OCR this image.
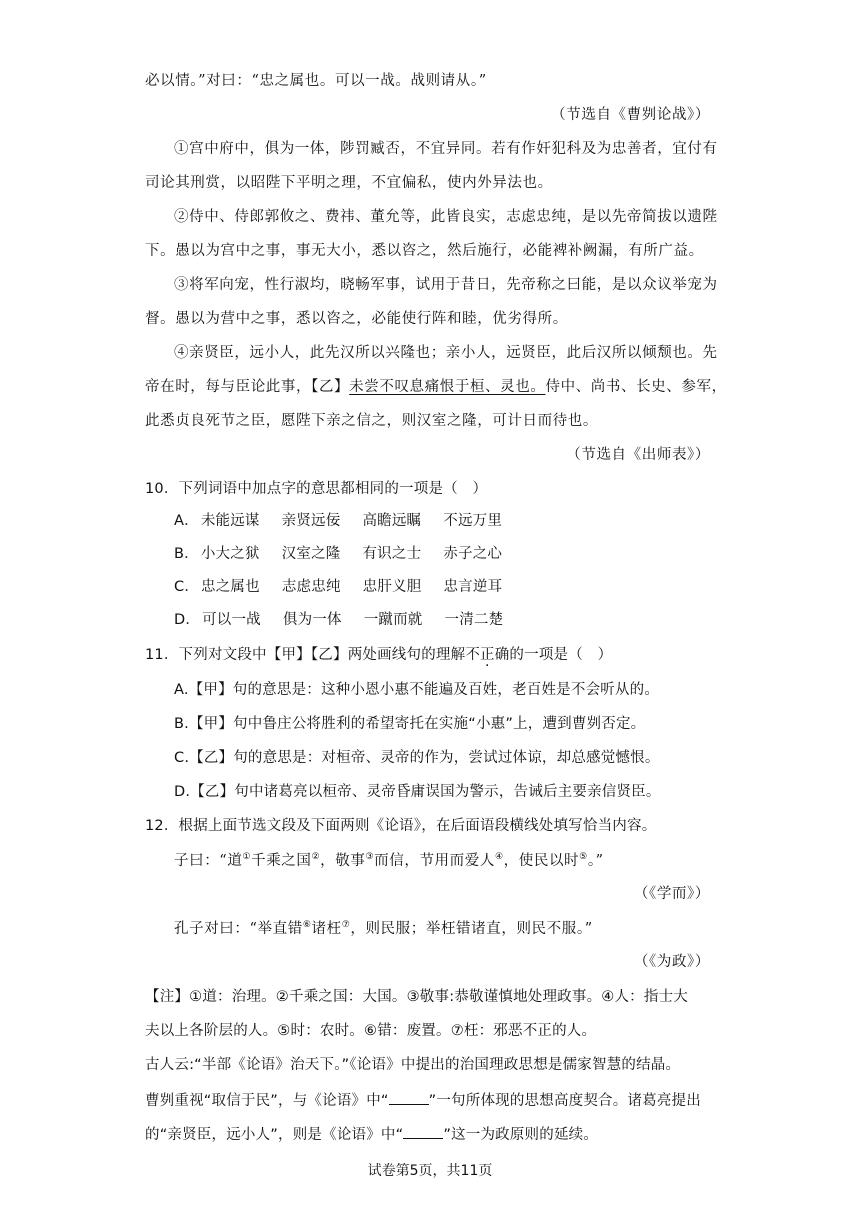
必以情。”对曰：“忠之属也。可以一战。战则请从。”
（节选自《曹刿论战》）
①宫中府中，俱为一体，陟罚臧否，不宜异同。若有作奸犯科及为忠善者，宜付有
司论其刑赏，以昭陛下平明之理，不宜偏私，使内外异法也。
②侍中、侍郎郭攸之、费祎、董允等，此皆良实，志虑忠纯，是以先帝简拔以遗陛
下。愚以为宫中之事，事无大小，悉以咨之，然后施行，必能裨补阙漏，有所广益。
③将军向宠，性行淑均，晓畅军事，试用于昔日，先帝称之曰能，是以众议举宠为
督。愚以为营中之事，悉以咨之，必能使行阵和睦，优劣得所。
④亲贤臣，远小人，此先汉所以兴隆也；亲小人，远贤臣，此后汉所以倾颓也。先
帝在时，每与臣论此事，【乙】未尝不叹息痛恨于桓、灵也。侍中、尚书、长史、参军，
此悉贞良死节之臣，愿陛下亲之信之，则汉室之隆，可计日而待也。
（节选自《出师表》）
10．下列词语中加点字的意思都相同的一项是（　）
A． 未能远谋 亲贤远佞 高瞻远瞩 不远万里
B． 小大之狱 汉室之隆 有识之士 赤子之心
C． 忠之属也 志虑忠纯 忠肝义胆 忠言逆耳
D． 可以一战 俱为一体 一蹴而就 一清二楚
11．下列对文段中【甲】【乙】两处画线句的理解不正确的一项是（　）
A.【甲】句的意思是：这种小恩小惠不能遍及百姓，老百姓是不会听从的。
B.【甲】句中鲁庄公将胜利的希望寄托在实施“小惠”上，遭到曹刿否定。
C.【乙】句的意思是：对桓帝、灵帝的作为，尝试过体谅，却总感觉憾恨。
D.【乙】句中诸葛亮以桓帝、灵帝昏庸误国为警示，告诫后主要亲信贤臣。
12．根据上面节选文段及下面两则《论语》，在后面语段横线处填写恰当内容。
子曰：“道①千乘之国②，敬事③而信，节用而爱人④，使民以时⑤。”
（《学而》）
孔子对曰：“举直错⑥诸枉⑦，则民服；举枉错诸直，则民不服。”
（《为政》）
【注】①道：治理。②千乘之国：大国。③敬事:恭敬谨慎地处理政事。④人：指士大
夫以上各阶层的人。⑤时：农时。⑥错：废置。⑦枉：邪恶不正的人。
古人云:“半部《论语》治天下。”《论语》中提出的治国理政思想是儒家智慧的结晶。
曹刿重视“取信于民”，与《论语》中“	”一句所体现的思想高度契合。诸葛亮提出
的“亲贤臣，远小人”，则是《论语》中“	”这一为政原则的延续。
试卷第5页，共11页
